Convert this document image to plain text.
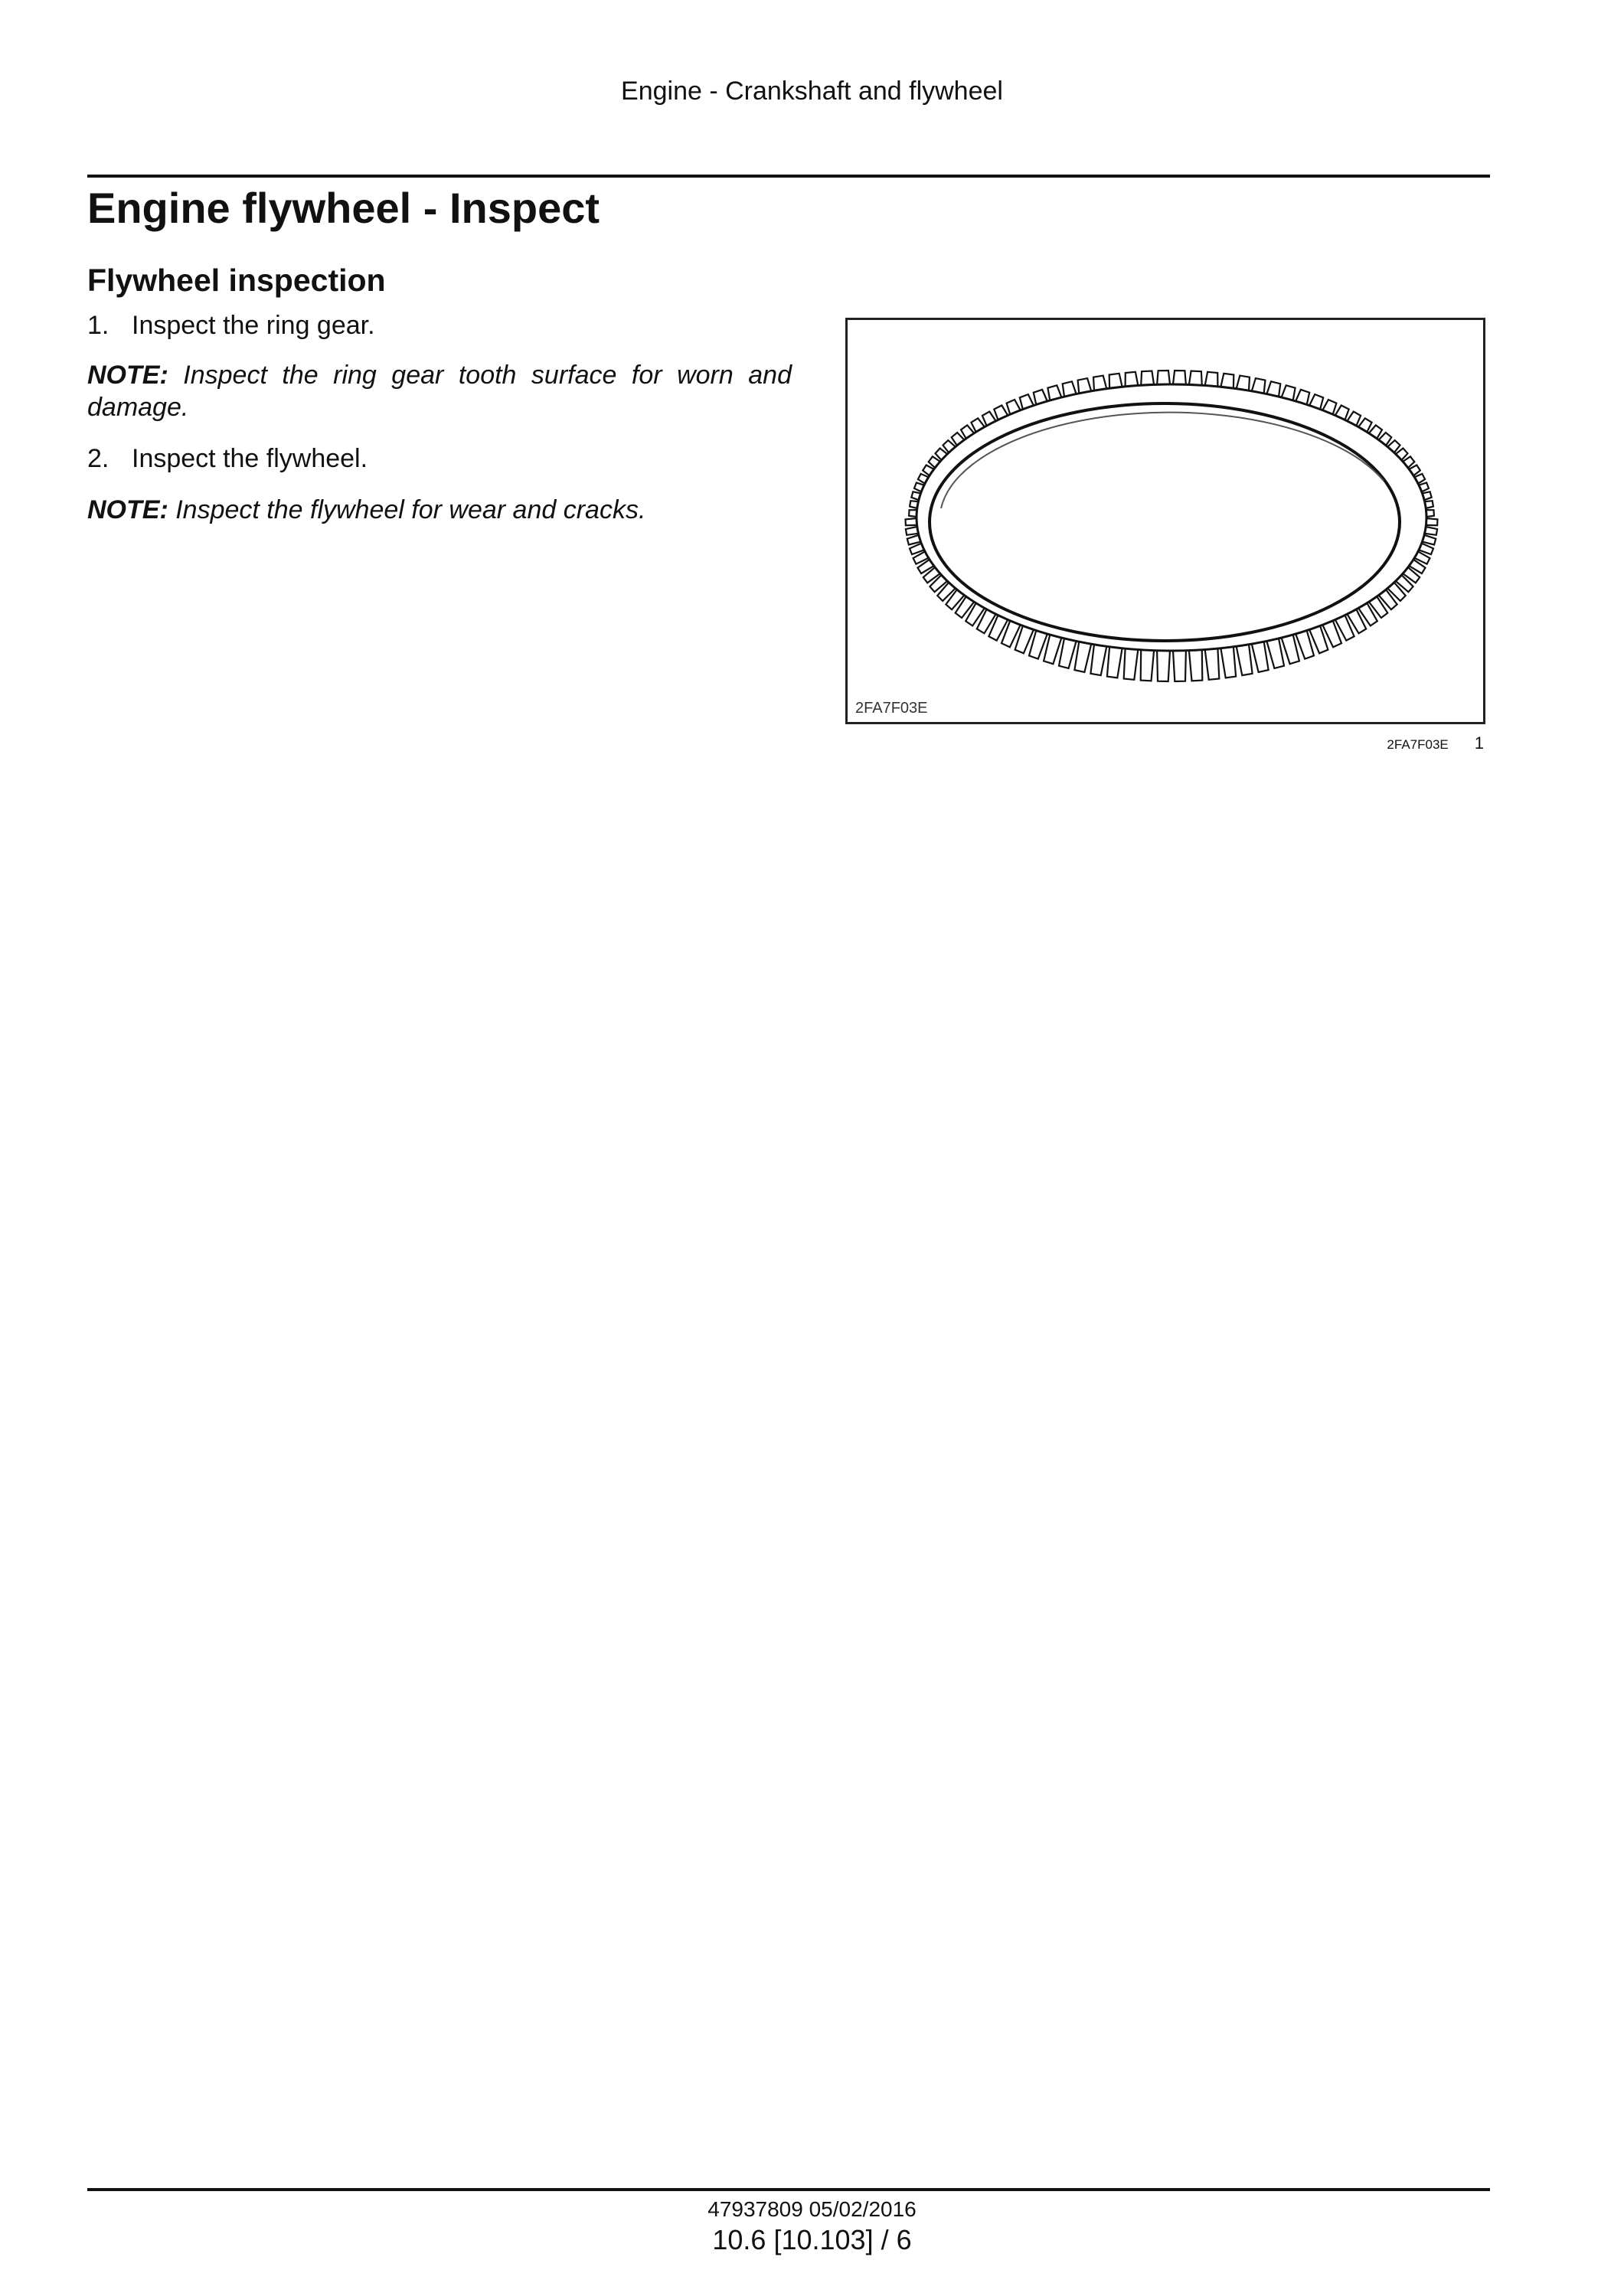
Engine - Crankshaft and flywheel
Engine flywheel - Inspect
Flywheel inspection
1. Inspect the ring gear.
NOTE: Inspect the ring gear tooth surface for worn and damage.
2. Inspect the flywheel.
NOTE: Inspect the flywheel for wear and cracks.
2FA7F03E
2FA7F03E 1
47937809 05/02/2016
10.6 [10.103] / 6
